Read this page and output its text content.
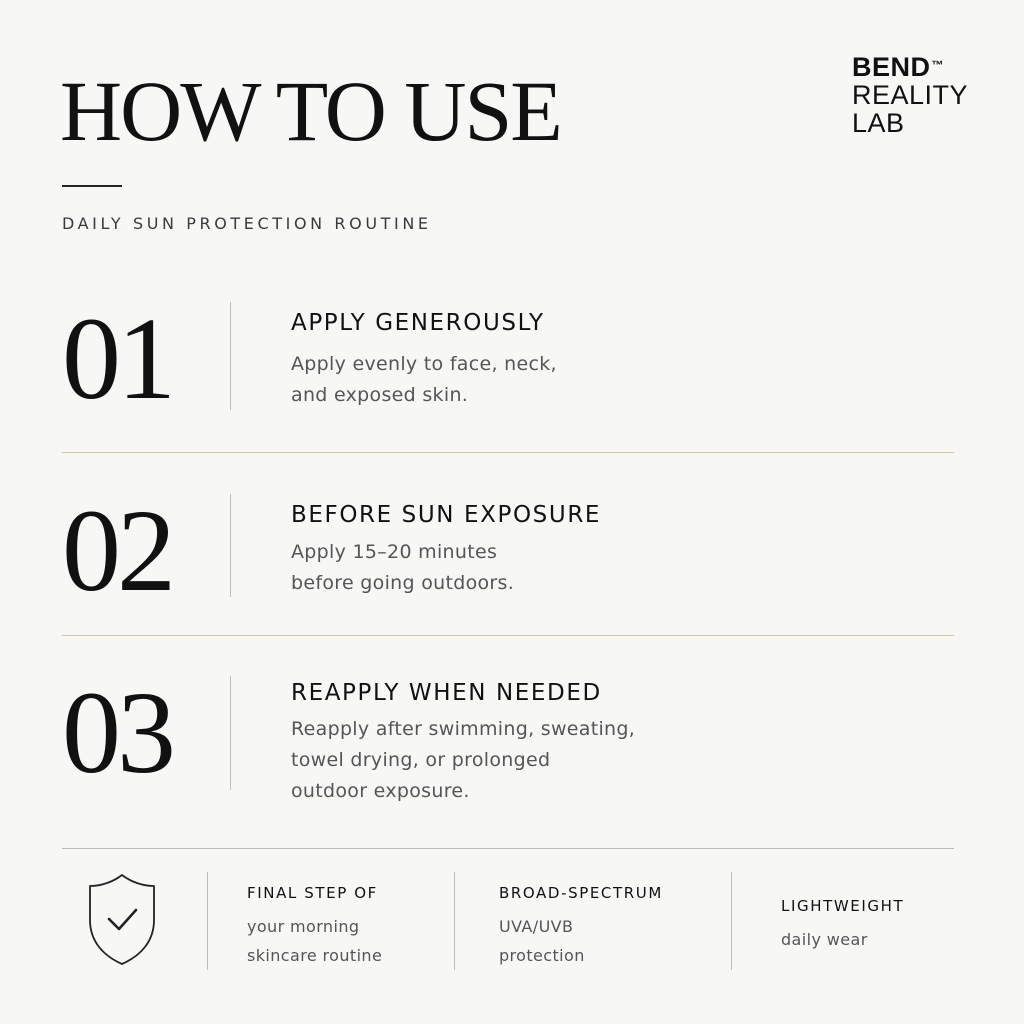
HOW TO USE
DAILY SUN PROTECTION ROUTINE
BEND™
REALITY
LAB
01	APPLY GENEROUSLY
Apply evenly to face, neck,
and exposed skin.
02	BEFORE SUN EXPOSURE
Apply 15–20 minutes
before going outdoors.
03	REAPPLY WHEN NEEDED
Reapply after swimming, sweating,
towel drying, or prolonged
outdoor exposure.
FINAL STEP OF
your morning
skincare routine
BROAD-SPECTRUM
UVA/UVB
protection
LIGHTWEIGHT
daily wear
